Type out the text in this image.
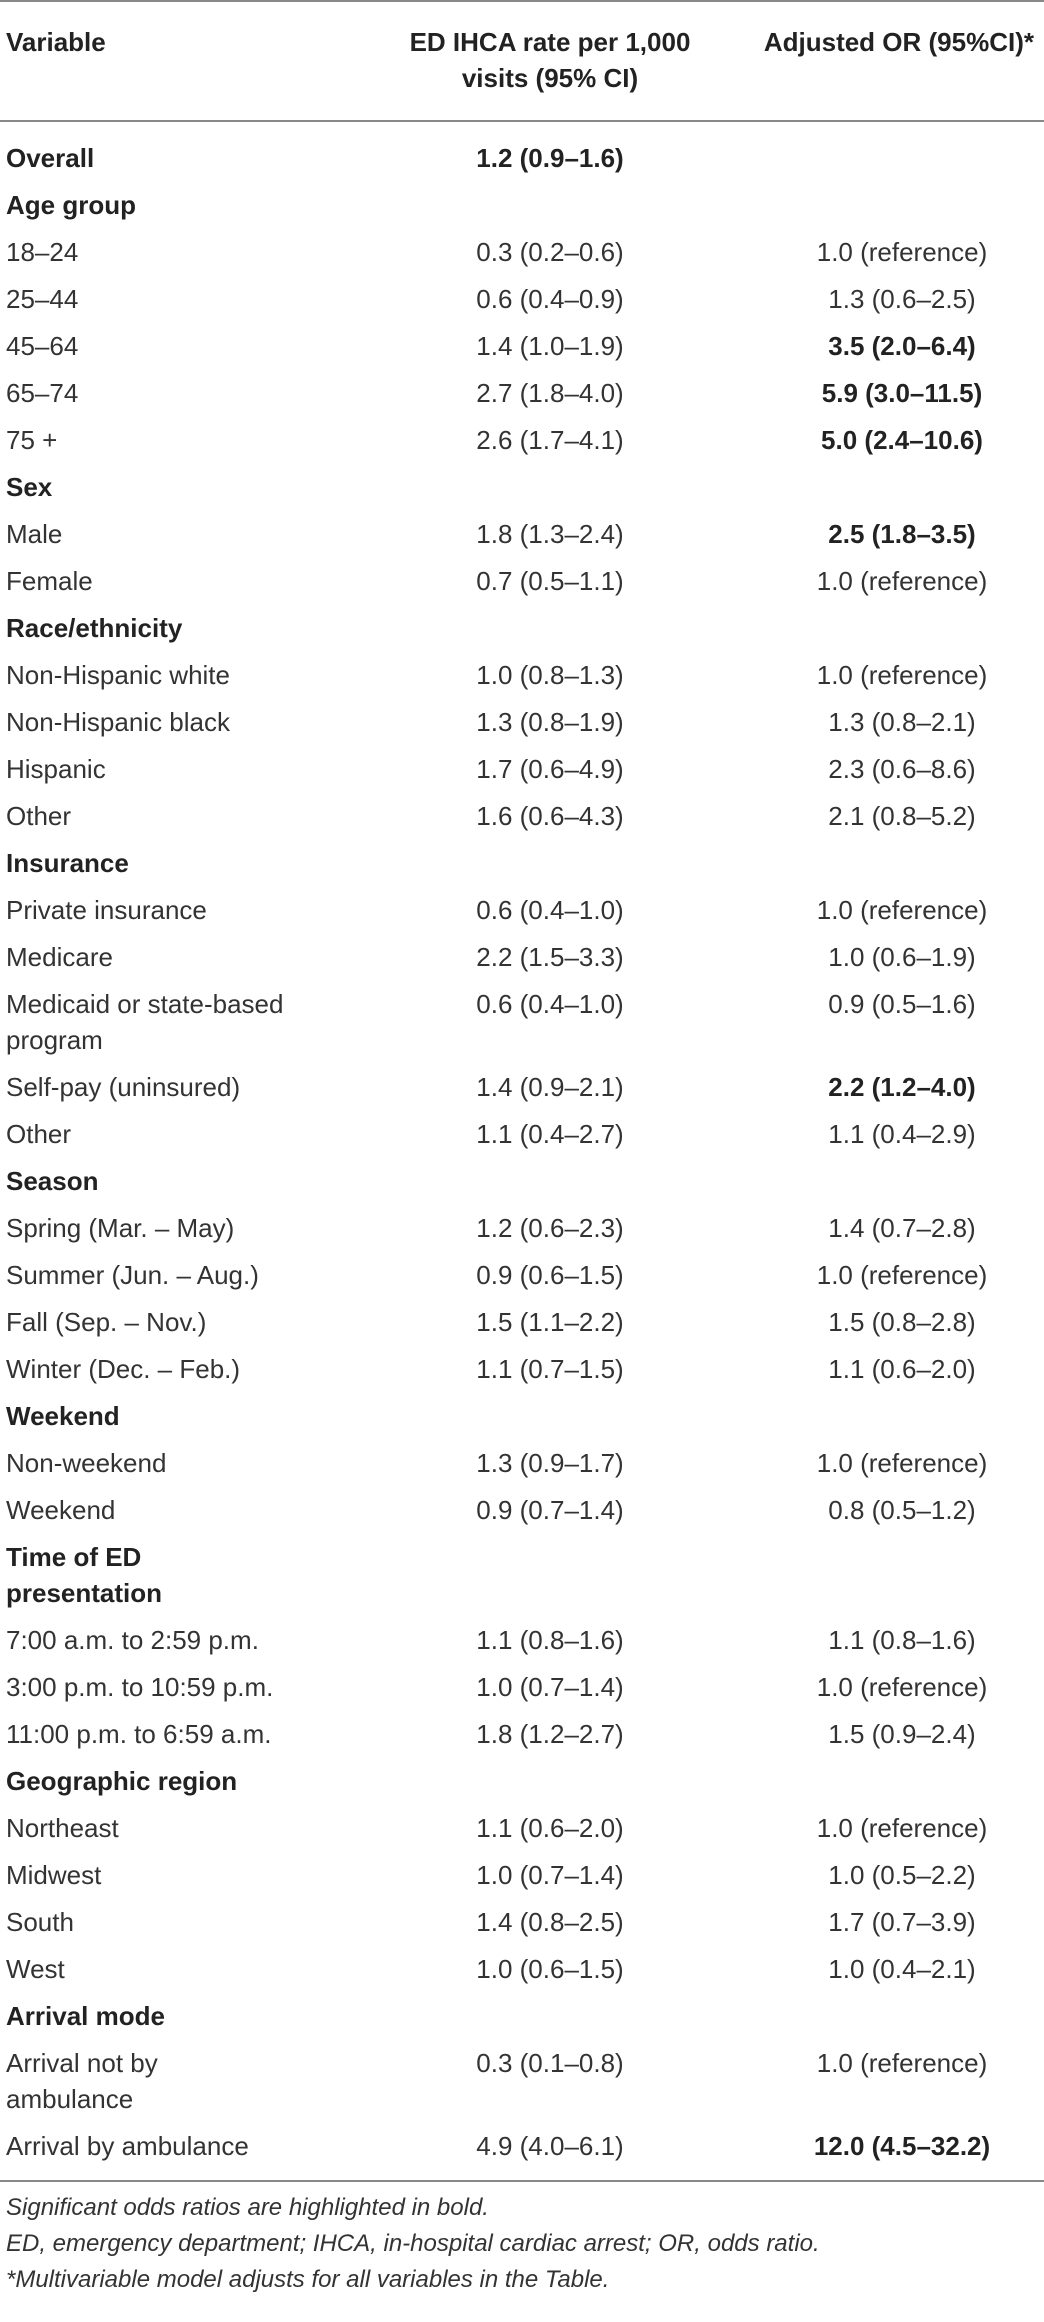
Variable	ED IHCA rate per 1,000 visits (95% CI)	Adjusted OR (95%CI)*
Overall	1.2 (0.9–1.6)	
Age group		
18–24	0.3 (0.2–0.6)	1.0 (reference)
25–44	0.6 (0.4–0.9)	1.3 (0.6–2.5)
45–64	1.4 (1.0–1.9)	3.5 (2.0–6.4)
65–74	2.7 (1.8–4.0)	5.9 (3.0–11.5)
75 +	2.6 (1.7–4.1)	5.0 (2.4–10.6)
Sex		
Male	1.8 (1.3–2.4)	2.5 (1.8–3.5)
Female	0.7 (0.5–1.1)	1.0 (reference)
Race/ethnicity		
Non-Hispanic white	1.0 (0.8–1.3)	1.0 (reference)
Non-Hispanic black	1.3 (0.8–1.9)	1.3 (0.8–2.1)
Hispanic	1.7 (0.6–4.9)	2.3 (0.6–8.6)
Other	1.6 (0.6–4.3)	2.1 (0.8–5.2)
Insurance		
Private insurance	0.6 (0.4–1.0)	1.0 (reference)
Medicare	2.2 (1.5–3.3)	1.0 (0.6–1.9)
Medicaid or state-based program	0.6 (0.4–1.0)	0.9 (0.5–1.6)
Self-pay (uninsured)	1.4 (0.9–2.1)	2.2 (1.2–4.0)
Other	1.1 (0.4–2.7)	1.1 (0.4–2.9)
Season		
Spring (Mar. – May)	1.2 (0.6–2.3)	1.4 (0.7–2.8)
Summer (Jun. – Aug.)	0.9 (0.6–1.5)	1.0 (reference)
Fall (Sep. – Nov.)	1.5 (1.1–2.2)	1.5 (0.8–2.8)
Winter (Dec. – Feb.)	1.1 (0.7–1.5)	1.1 (0.6–2.0)
Weekend		
Non-weekend	1.3 (0.9–1.7)	1.0 (reference)
Weekend	0.9 (0.7–1.4)	0.8 (0.5–1.2)
Time of ED presentation		
7:00 a.m. to 2:59 p.m.	1.1 (0.8–1.6)	1.1 (0.8–1.6)
3:00 p.m. to 10:59 p.m.	1.0 (0.7–1.4)	1.0 (reference)
11:00 p.m. to 6:59 a.m.	1.8 (1.2–2.7)	1.5 (0.9–2.4)
Geographic region		
Northeast	1.1 (0.6–2.0)	1.0 (reference)
Midwest	1.0 (0.7–1.4)	1.0 (0.5–2.2)
South	1.4 (0.8–2.5)	1.7 (0.7–3.9)
West	1.0 (0.6–1.5)	1.0 (0.4–2.1)
Arrival mode		
Arrival not by ambulance	0.3 (0.1–0.8)	1.0 (reference)
Arrival by ambulance	4.9 (4.0–6.1)	12.0 (4.5–32.2)

Significant odds ratios are highlighted in bold.
ED, emergency department; IHCA, in-hospital cardiac arrest; OR, odds ratio.
*Multivariable model adjusts for all variables in the Table.		
